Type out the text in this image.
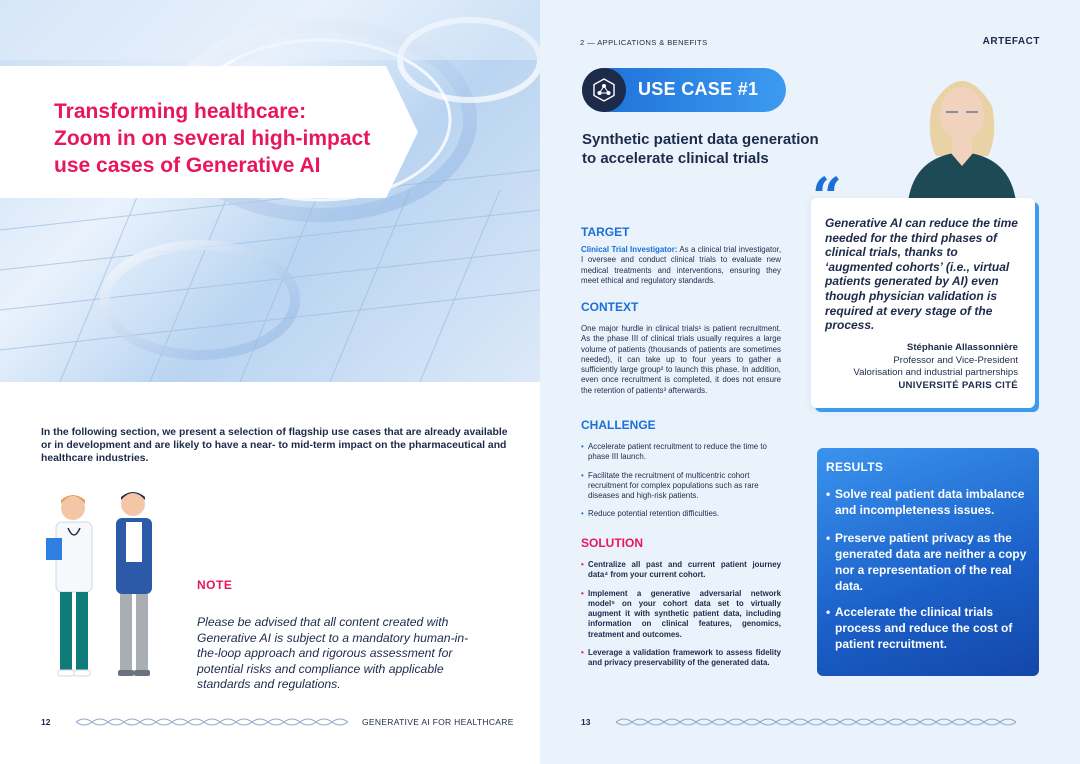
Transforming healthcare:
Zoom in on several high-impact
use cases of Generative AI

In the following section, we present a selection of flagship use cases that are already available or in development and are likely to have a near- to mid-term impact on the pharmaceutical and healthcare industries.

NOTE

Please be advised that all content created with Generative AI is subject to a mandatory human-in-the-loop approach and rigorous assessment for potential risks and compliance with applicable standards and regulations.

12	GENERATIVE AI FOR HEALTHCARE
2 — APPLICATIONS & BENEFITS	ARTEFACT
USE CASE #1
Synthetic patient data generation
to accelerate clinical trials

TARGET

Clinical Trial Investigator: As a clinical trial investigator, I oversee and conduct clinical trials to evaluate new medical treatments and interventions, ensuring they meet ethical and regulatory standards.

CONTEXT

One major hurdle in clinical trials¹ is patient recruitment. As the phase III of clinical trials usually requires a large volume of patients (thousands of patients are sometimes needed), it can take up to four years to gather a sufficiently large group² to launch this phase. In addition, even once recruitment is completed, it does not ensure the retention of patients³ afterwards.

CHALLENGE

• Accelerate patient recruitment to reduce the time to phase III launch.

• Facilitate the recruitment of multicentric cohort recruitment for complex populations such as rare diseases and high-risk patients.

• Reduce potential retention difficulties.

SOLUTION

• Centralize all past and current patient journey data⁴ from your current cohort.

• Implement a generative adversarial network model⁵ on your cohort data set to virtually augment it with synthetic patient data, including information on clinical features, genomics, treatment and outcomes.

• Leverage a validation framework to assess fidelity and privacy preservability of the generated data.

“

Generative AI can reduce the time needed for the third phases of clinical trials, thanks to ‘augmented cohorts’ (i.e., virtual patients generated by AI) even though physician validation is required at every stage of the process.

Stéphanie Allassonnière
Professor and Vice-President
Valorisation and industrial partnerships
UNIVERSITÉ PARIS CITÉ
RESULTS

• Solve real patient data imbalance and incompleteness issues.

• Preserve patient privacy as the generated data are neither a copy nor a representation of the real data.

• Accelerate the clinical trials process and reduce the cost of patient recruitment.

13
